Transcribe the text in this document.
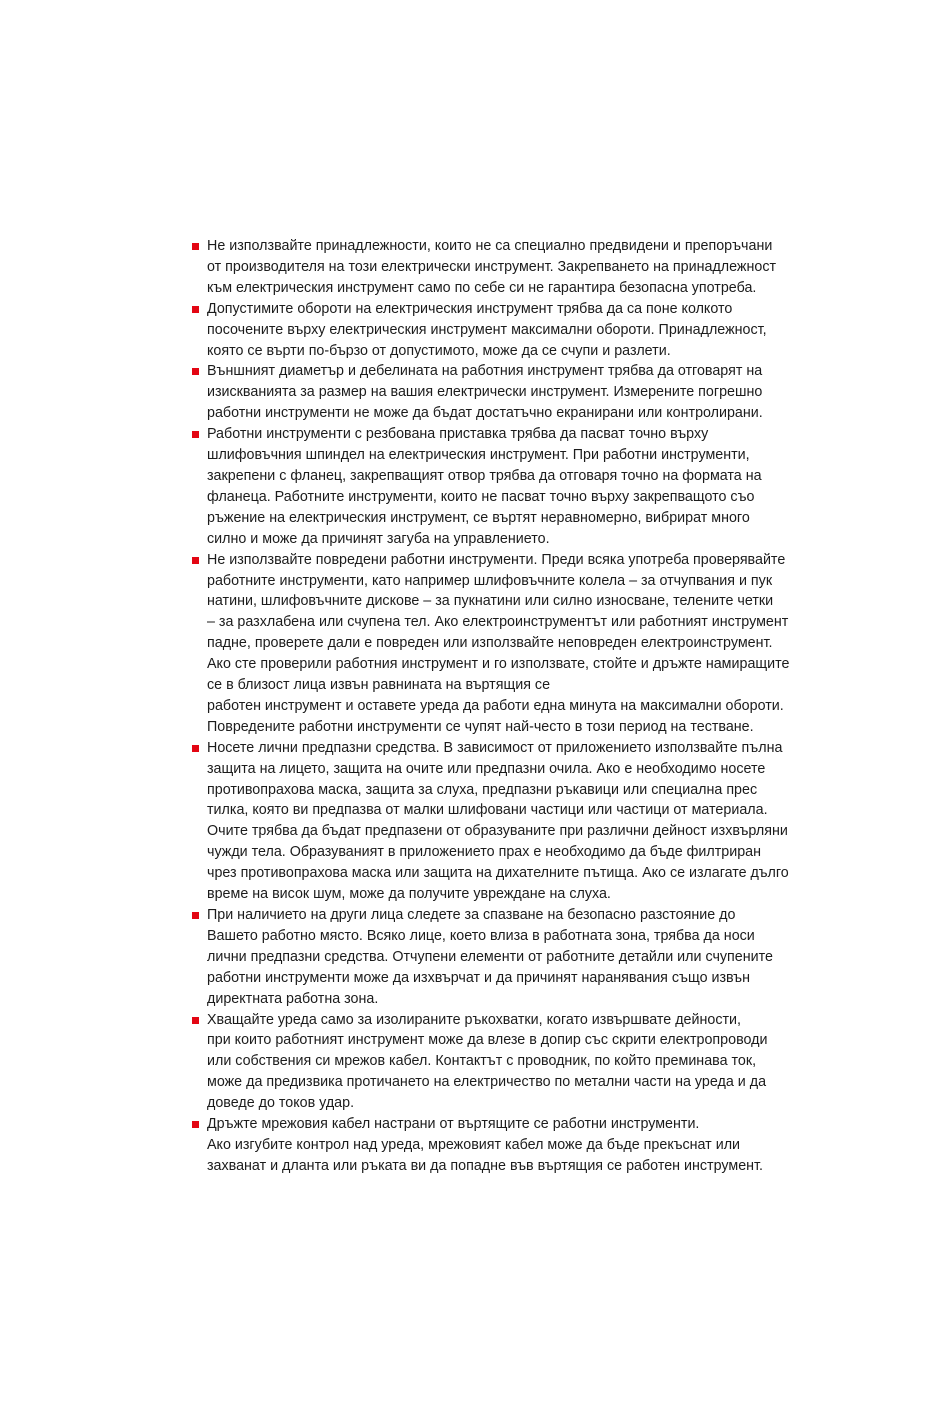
Не използвайте принадлежности, които не са специално предвидени и препоръчани
от производителя на този електрически инструмент. Закрепването на принадлежност
към електрическия инструмент само по себе си не гарантира безопасна употреба.
Допустимите обороти на електрическия инструмент трябва да са поне колкото
посочените върху електрическия инструмент максимални обороти. Принадлежност,
която се върти по-бързо от допустимото, може да се счупи и разлети.
Външният диаметър и дебелината на работния инструмент трябва да отговарят на
изискванията за размер на вашия електрически инструмент. Измерените погрешно
работни инструменти не може да бъдат достатъчно екранирани или контролирани.
Работни инструменти с резбована приставка трябва да пасват точно върху
шлифовъчния шпиндел на електрическия инструмент. При работни инструменти,
закрепени с фланец, закрепващият отвор трябва да отговаря точно на формата на
фланеца. Работните инструменти, които не пасват точно върху закрепващото съо
ръжение на електрическия инструмент, се въртят неравномерно, вибрират много
силно и може да причинят загуба на управлението.
Не използвайте повредени работни инструменти. Преди всяка употреба проверявайте
работните инструменти, като например шлифовъчните колела – за отчупвания и пук
натини, шлифовъчните дискове – за пукнатини или силно износване, телените четки
– за разхлабена или счупена тел. Ако електроинструментът или работният инструмент
падне, проверете дали е повреден или използвайте неповреден електроинструмент.
Ако сте проверили работния инструмент и го използвате, стойте и дръжте намиращите
се в близост лица извън равнината на въртящия се
работен инструмент и оставете уреда да работи една минута на максимални обороти.
Повредените работни инструменти се чупят най-често в този период на тестване.
Носете лични предпазни средства. В зависимост от приложението използвайте пълна
защита на лицето, защита на очите или предпазни очила. Ако е необходимо носете
противопрахова маска, защита за слуха, предпазни ръкавици или специална прес
тилка, която ви предпазва от малки шлифовани частици или частици от материала.
Очите трябва да бъдат предпазени от образуваните при различни дейност изхвърляни
чужди тела. Образуваният в приложението прах е необходимо да бъде филтриран
чрез противопрахова маска или защита на дихателните пътища. Ако се излагате дълго
време на висок шум, може да получите увреждане на слуха.
При наличието на други лица следете за спазване на безопасно разстояние до
Вашето работно място. Всяко лице, което влиза в работната зона, трябва да носи
лични предпазни средства. Отчупени елементи от работните детайли или счупените
работни инструменти може да изхвърчат и да причинят наранявания също извън
директната работна зона.
Хващайте уреда само за изолираните ръкохватки, когато извършвате дейности,
при които работният инструмент може да влезе в допир със скрити електропроводи
или собствения си мрежов кабел. Контактът с проводник, по който преминава ток,
може да предизвика протичането на електричество по метални части на уреда и да
доведе до токов удар.
Дръжте мрежовия кабел настрани от въртящите се работни инструменти.
Ако изгубите контрол над уреда, мрежовият кабел може да бъде прекъснат или
захванат и дланта или ръката ви да попадне във въртящия се работен инструмент.
